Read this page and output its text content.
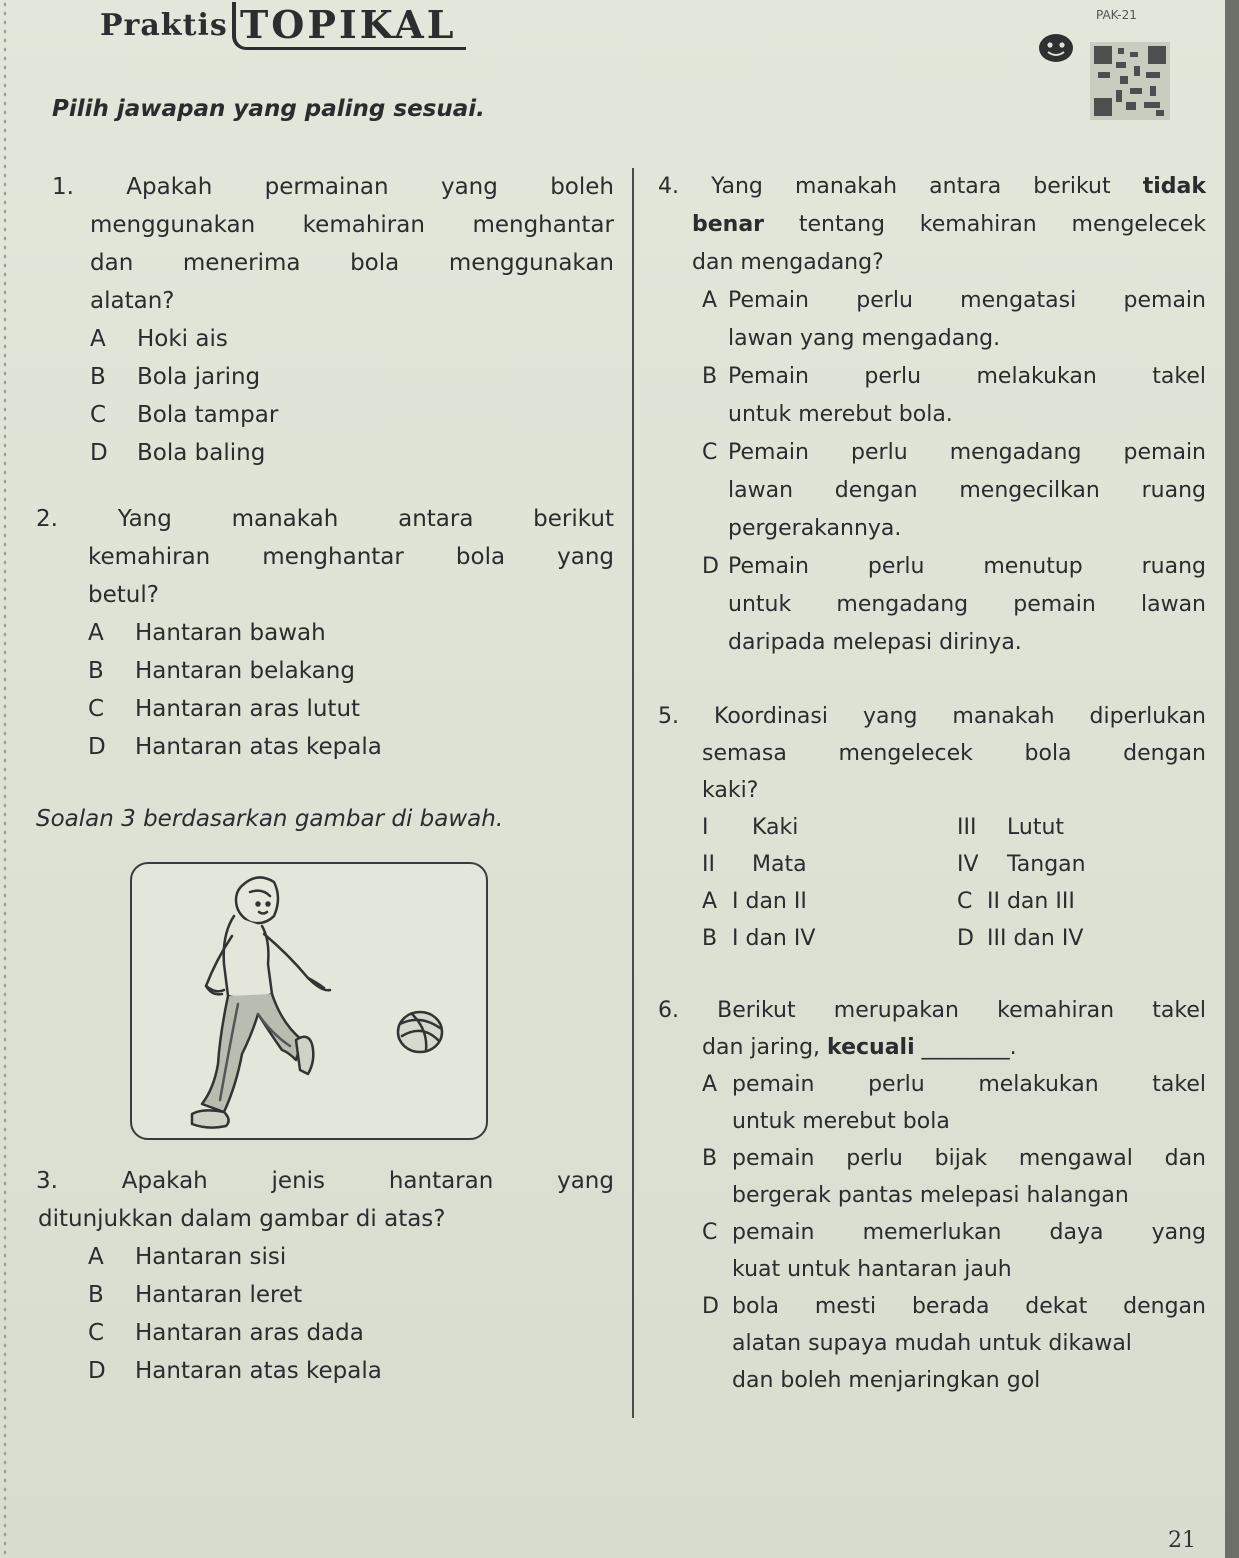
Praktis TOPIKAL	PAK-21
Pilih jawapan yang paling sesuai.

1. Apakah permainan yang boleh

menggunakan kemahiran menghantar

dan menerima bola menggunakan

alatan?

A	Hoki ais
B	Bola jaring
C	Bola tampar
D	Bola baling

2. Yang manakah antara berikut

kemahiran menghantar bola yang

betul?

A	Hantaran bawah
B	Hantaran belakang
C	Hantaran aras lutut
D	Hantaran atas kepala
Soalan 3 berdasarkan gambar di bawah.

3. Apakah jenis hantaran yang

ditunjukkan dalam gambar di atas?

A	Hantaran sisi
B	Hantaran leret
C	Hantaran aras dada
D	Hantaran atas kepala

4. Yang manakah antara berikut tidak

benar tentang kemahiran mengelecek

dan mengadang?

A Pemain perlu mengatasi pemain
lawan yang mengadang.
B Pemain perlu melakukan takel
untuk merebut bola.
C Pemain perlu mengadang pemain
lawan dengan mengecilkan ruang
pergerakannya.
D Pemain perlu menutup ruang
untuk mengadang pemain lawan
daripada melepasi dirinya.

5. Koordinasi yang manakah diperlukan

semasa mengelecek bola dengan

kaki?

I	Kaki	III	Lutut
II	Mata	IV	Tangan
A I dan II	C II dan III
B I dan IV	D III dan IV

6. Berikut merupakan kemahiran takel

dan jaring, kecuali ________.

A pemain perlu melakukan takel
untuk merebut bola
B pemain perlu bijak mengawal dan
bergerak pantas melepasi halangan
C pemain memerlukan daya yang
kuat untuk hantaran jauh
D bola mesti berada dekat dengan
alatan supaya mudah untuk dikawal
dan boleh menjaringkan gol
21
